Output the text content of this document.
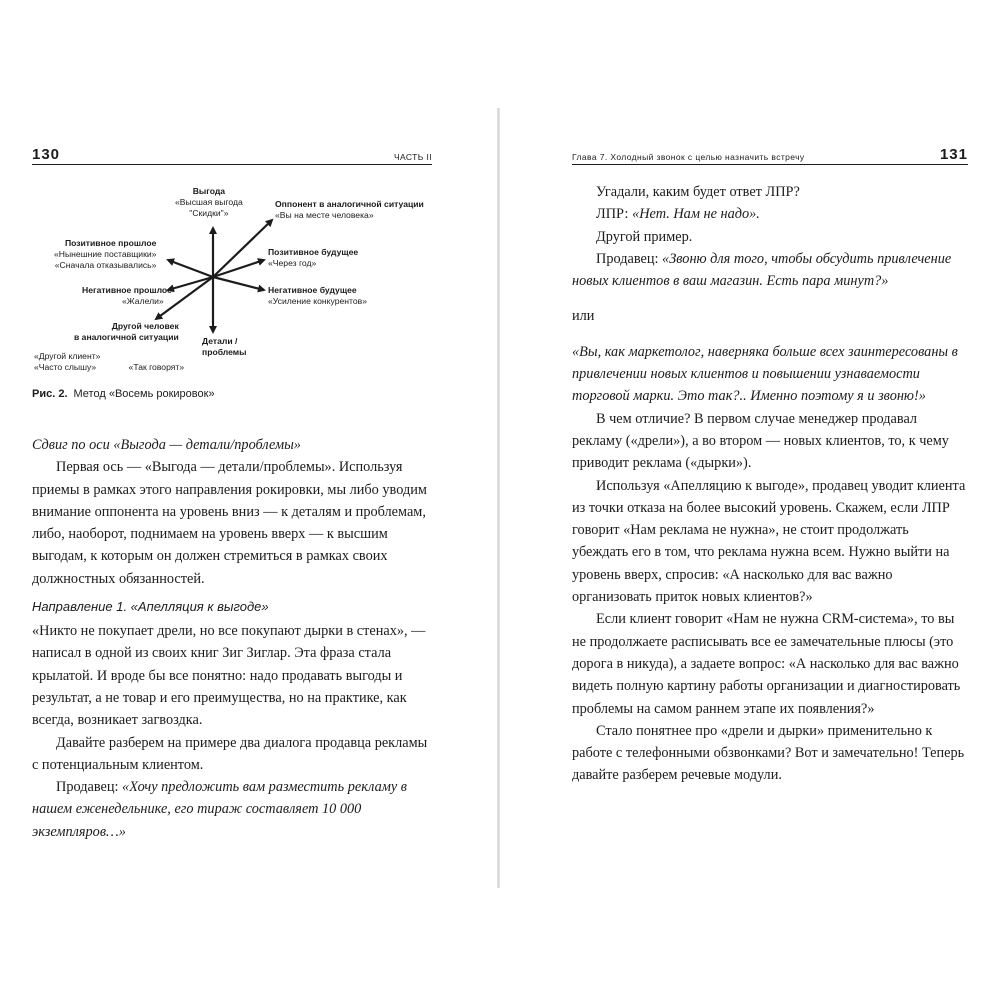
130	ЧАСТЬ II
Выгода
«Высшая выгода
"Скидки"»
Оппонент в аналогичной ситуации
«Вы на месте человека»
Позитивное прошлое
«Нынешние поставщики»
«Сначала отказывались»
Позитивное будущее
«Через год»
Негативное прошлое
«Жалели»
Негативное будущее
«Усиление конкурентов»
Другой человек
в аналогичной ситуации
«Другой клиент»
«Часто слышу»	«Так говорят»
Детали /
проблемы
Рис. 2. Метод «Восемь рокировок»

Сдвиг по оси «Выгода — детали/проблемы»

Первая ось — «Выгода — детали/проблемы». Используя приемы в рамках этого направления рокировки, мы либо уводим внимание оппонента на уровень вниз — к деталям и проблемам, либо, наоборот, поднимаем на уровень вверх — к высшим выгодам, к которым он должен стремиться в рамках своих должностных обязанностей.

Направление 1. «Апелляция к выгоде»

«Никто не покупает дрели, но все покупают дырки в стенах», — написал в одной из своих книг Зиг Зиглар. Эта фраза стала крылатой. И вроде бы все понятно: надо продавать выгоды и результат, а не товар и его преимущества, но на практике, как всегда, возникает загвоздка.

Давайте разберем на примере два диалога продавца рекламы с потенциальным клиентом.

Продавец: «Хочу предложить вам разместить рекламу в нашем еженедельнике, его тираж составляет 10 000 экземпляров…»

Глава 7. Холодный звонок с целью назначить встречу	131

Угадали, каким будет ответ ЛПР?

ЛПР: «Нет. Нам не надо».

Другой пример.

Продавец: «Звоню для того, чтобы обсудить привлечение новых клиентов в ваш магазин. Есть пара минут?»

или

«Вы, как маркетолог, наверняка больше всех заинтересованы в привлечении новых клиентов и повышении узнаваемости торговой марки. Это так?.. Именно поэтому я и звоню!»

В чем отличие? В первом случае менеджер продавал рекламу («дрели»), а во втором — новых клиентов, то, к чему приводит реклама («дырки»).

Используя «Апелляцию к выгоде», продавец уводит клиента из точки отказа на более высокий уровень. Скажем, если ЛПР говорит «Нам реклама не нужна», не стоит продолжать убеждать его в том, что реклама нужна всем. Нужно выйти на уровень вверх, спросив: «А насколько для вас важно организовать приток новых клиентов?»

Если клиент говорит «Нам не нужна CRM-система», то вы не продолжаете расписывать все ее замечательные плюсы (это дорога в никуда), а задаете вопрос: «А насколько для вас важно видеть полную картину работы организации и диагностировать проблемы на самом раннем этапе их появления?»

Стало понятнее про «дрели и дырки» применительно к работе с телефонными обзвонками? Вот и замечательно! Теперь давайте разберем речевые модули.
